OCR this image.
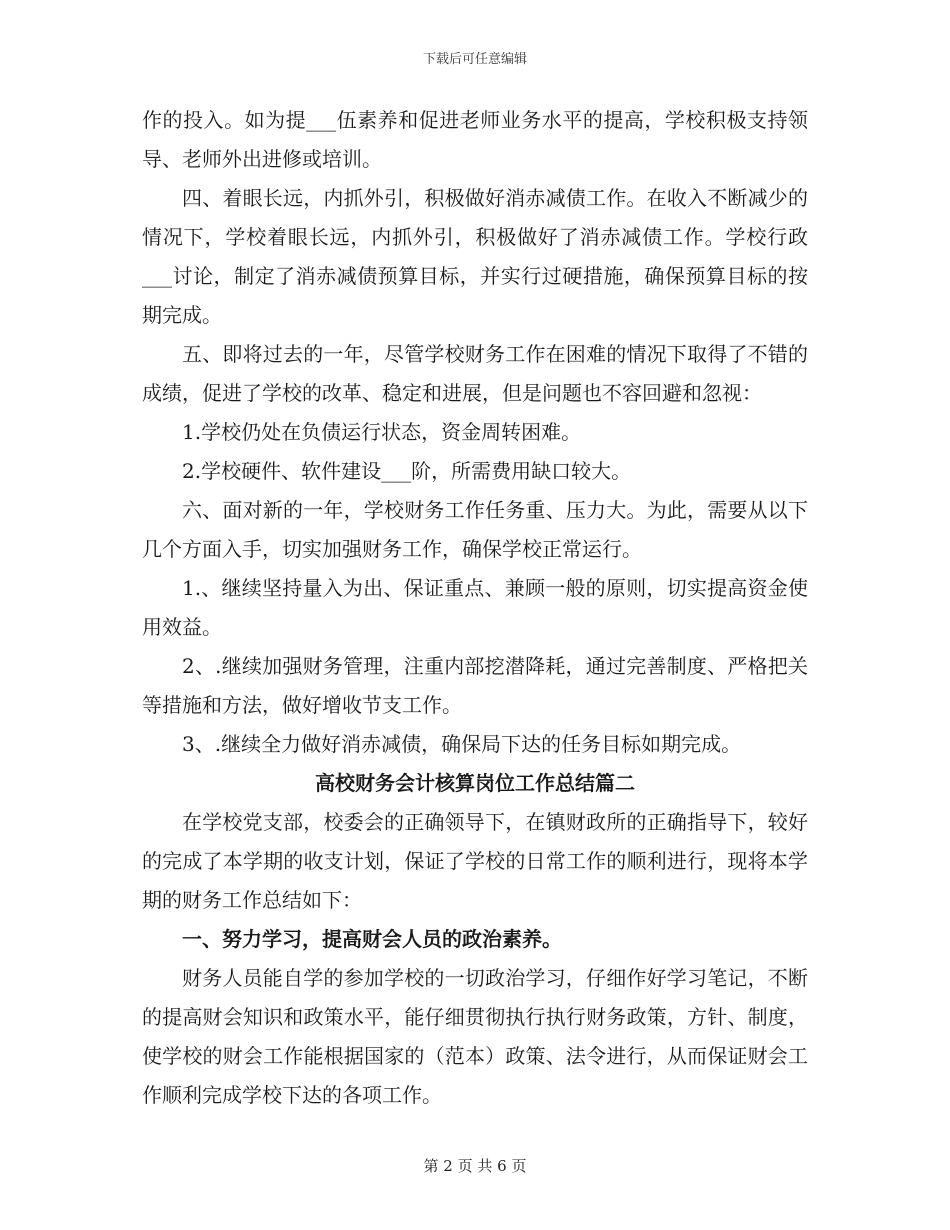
下载后可任意编辑

作的投入。如为提___伍素养和促进老师业务水平的提高，学校积极支持领导、老师外出进修或培训。

四、着眼长远，内抓外引，积极做好消赤减债工作。在收入不断减少的情况下，学校着眼长远，内抓外引，积极做好了消赤减债工作。学校行政___讨论，制定了消赤减债预算目标，并实行过硬措施，确保预算目标的按期完成。

五、即将过去的一年，尽管学校财务工作在困难的情况下取得了不错的成绩，促进了学校的改革、稳定和进展，但是问题也不容回避和忽视：

1.学校仍处在负债运行状态，资金周转困难。

2.学校硬件、软件建设___阶，所需费用缺口较大。

六、面对新的一年，学校财务工作任务重、压力大。为此，需要从以下几个方面入手，切实加强财务工作，确保学校正常运行。

1.、继续坚持量入为出、保证重点、兼顾一般的原则，切实提高资金使用效益。

2、.继续加强财务管理，注重内部挖潜降耗，通过完善制度、严格把关等措施和方法，做好增收节支工作。

3、.继续全力做好消赤减债，确保局下达的任务目标如期完成。

高校财务会计核算岗位工作总结篇二

在学校党支部，校委会的正确领导下，在镇财政所的正确指导下，较好的完成了本学期的收支计划，保证了学校的日常工作的顺利进行，现将本学期的财务工作总结如下：

一、努力学习，提高财会人员的政治素养。

财务人员能自学的参加学校的一切政治学习，仔细作好学习笔记，不断的提高财会知识和政策水平，能仔细贯彻执行执行财务政策，方针、制度，使学校的财会工作能根据国家的（范本）政策、法令进行，从而保证财会工作顺利完成学校下达的各项工作。

第 2 页 共 6 页
